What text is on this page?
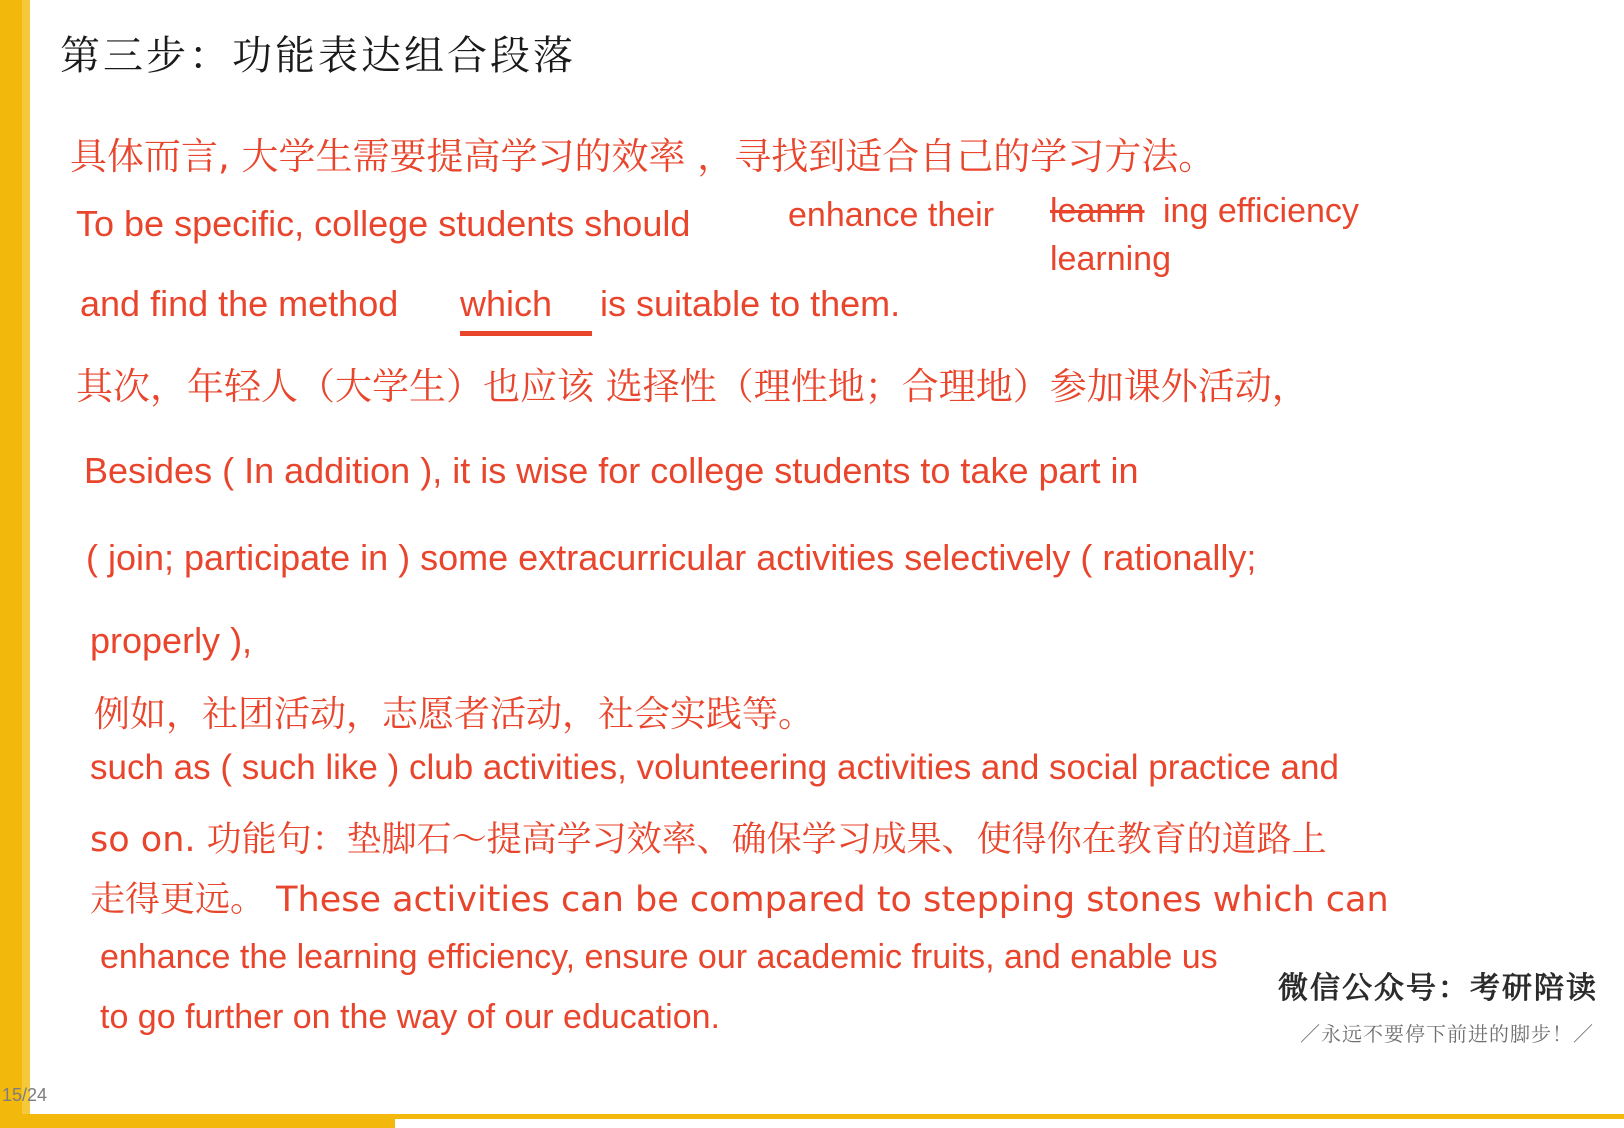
第三步：功能表达组合段落
具体而言, 大学生需要提高学习的效率 ，寻找到适合自己的学习方法。
To be specific, college students should	enhance their leanrn ing efficiency
learning
and find the method which is suitable to them.
其次，年轻人（大学生）也应该 选择性（理性地；合理地）参加课外活动，
Besides ( In addition ), it is wise for college students to take part in
( join; participate in ) some extracurricular activities selectively ( rationally;
properly ),
例如，社团活动，志愿者活动，社会实践等。
such as ( such like ) club activities, volunteering activities and social practice and
so on. 功能句：垫脚石～提高学习效率、确保学习成果、使得你在教育的道路上
走得更远。 These activities can be compared to stepping stones which can
enhance the learning efficiency, ensure our academic fruits, and enable us
to go further on the way of our education.
微信公众号：考研陪读
／永远不要停下前进的脚步！／
15/24
